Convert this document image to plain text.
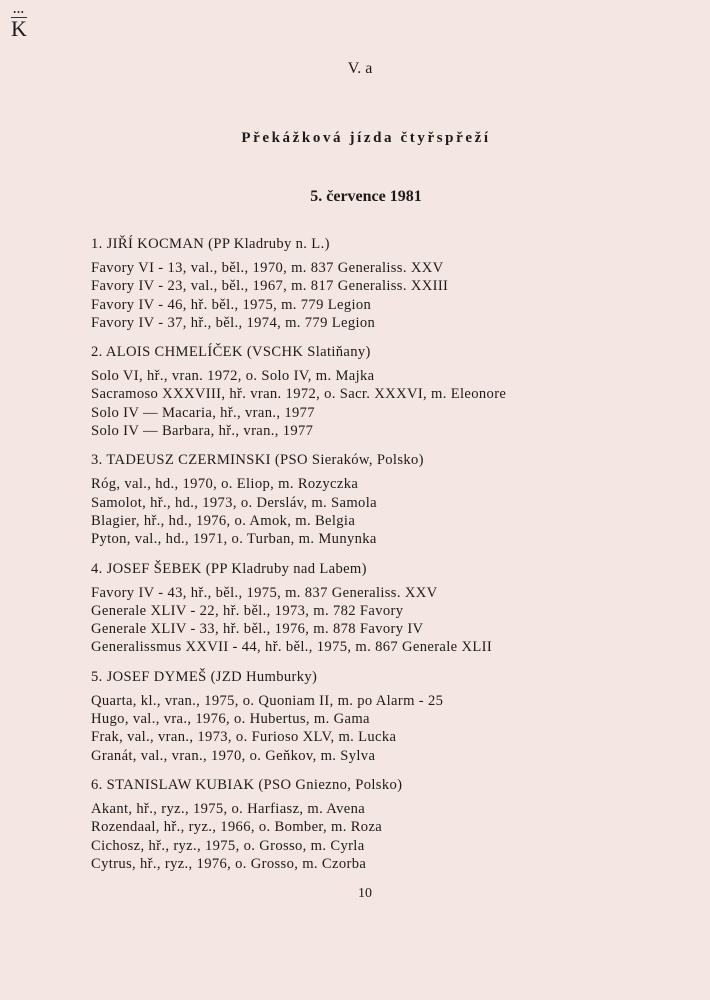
•••
K
V. a
Překážková jízda čtyřspřeží
5. července 1981
1. JIŘÍ KOCMAN (PP Kladruby n. L.)
Favory VI - 13, val., běl., 1970, m. 837 Generaliss. XXV
Favory IV - 23, val., běl., 1967, m. 817 Generaliss. XXIII
Favory IV - 46, hř. běl., 1975, m. 779 Legion
Favory IV - 37, hř., běl., 1974, m. 779 Legion
2. ALOIS CHMELÍČEK (VSCHK Slatiňany)
Solo VI, hř., vran. 1972, o. Solo IV, m. Majka
Sacramoso XXXVIII, hř. vran. 1972, o. Sacr. XXXVI, m. Eleonore
Solo IV — Macaria, hř., vran., 1977
Solo IV — Barbara, hř., vran., 1977
3. TADEUSZ CZERMINSKI (PSO Sieraków, Polsko)
Róg, val., hd., 1970, o. Eliop, m. Rozyczka
Samolot, hř., hd., 1973, o. Dersláv, m. Samola
Blagier, hř., hd., 1976, o. Amok, m. Belgia
Pyton, val., hd., 1971, o. Turban, m. Munynka
4. JOSEF ŠEBEK (PP Kladruby nad Labem)
Favory IV - 43, hř., běl., 1975, m. 837 Generaliss. XXV
Generale XLIV - 22, hř. běl., 1973, m. 782 Favory
Generale XLIV - 33, hř. běl., 1976, m. 878 Favory IV
Generalissmus XXVII - 44, hř. běl., 1975, m. 867 Generale XLII
5. JOSEF DYMEŠ (JZD Humburky)
Quarta, kl., vran., 1975, o. Quoniam II, m. po Alarm - 25
Hugo, val., vra., 1976, o. Hubertus, m. Gama
Frak, val., vran., 1973, o. Furioso XLV, m. Lucka
Granát, val., vran., 1970, o. Geňkov, m. Sylva
6. STANISLAW KUBIAK (PSO Gniezno, Polsko)
Akant, hř., ryz., 1975, o. Harfiasz, m. Avena
Rozendaal, hř., ryz., 1966, o. Bomber, m. Roza
Cichosz, hř., ryz., 1975, o. Grosso, m. Cyrla
Cytrus, hř., ryz., 1976, o. Grosso, m. Czorba
10
